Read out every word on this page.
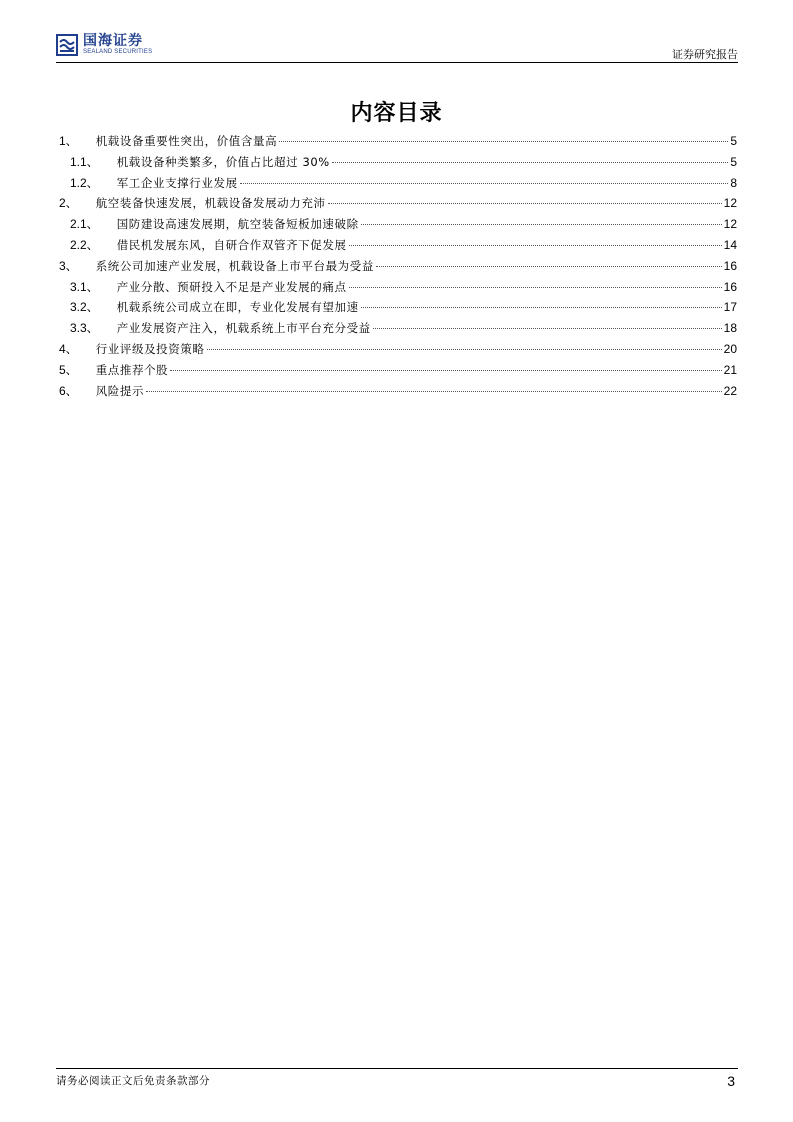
国海证券
SEALAND SECURITIES	证券研究报告
内容目录
1、 机载设备重要性突出，价值含量高	5
1.1、 机载设备种类繁多，价值占比超过 30%	5
1.2、 军工企业支撑行业发展	8
2、 航空装备快速发展，机载设备发展动力充沛	12
2.1、 国防建设高速发展期，航空装备短板加速破除	12
2.2、 借民机发展东风，自研合作双管齐下促发展	14
3、 系统公司加速产业发展，机载设备上市平台最为受益	16
3.1、 产业分散、预研投入不足是产业发展的痛点	16
3.2、 机载系统公司成立在即，专业化发展有望加速	17
3.3、 产业发展资产注入，机载系统上市平台充分受益	18
4、 行业评级及投资策略	20
5、 重点推荐个股	21
6、 风险提示	22
请务必阅读正文后免责条款部分	3
